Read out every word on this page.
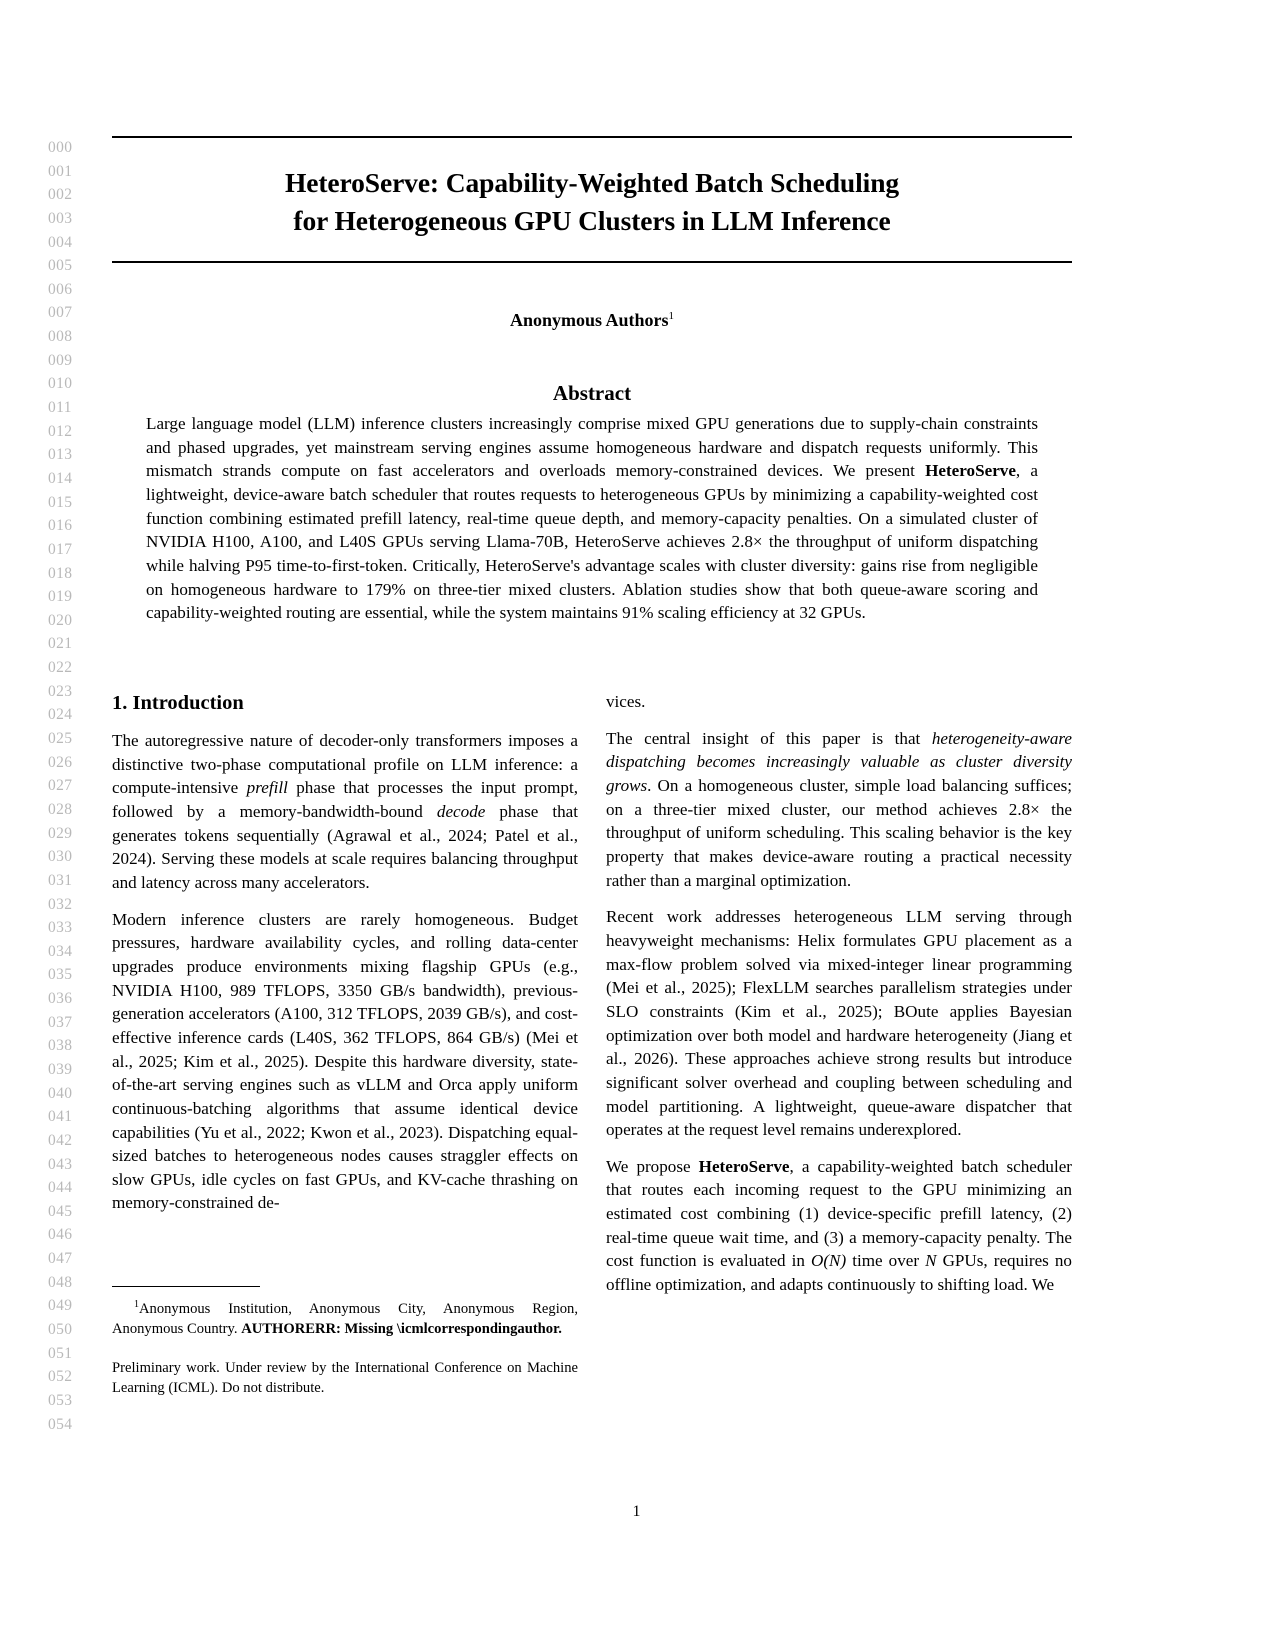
000
001
002
003
004
005
006
007
008
009
010
011
012
013
014
015
016
017
018
019
020
021
022
023
024
025
026
027
028
029
030
031
032
033
034
035
036
037
038
039
040
041
042
043
044
045
046
047
048
049
050
051
052
053
054
HeteroServe: Capability-Weighted Batch Scheduling
for Heterogeneous GPU Clusters in LLM Inference
Anonymous Authors$^1$
Abstract
Large language model (LLM) inference clusters increasingly comprise mixed GPU generations due to supply-chain constraints and phased upgrades, yet mainstream serving engines assume homogeneous hardware and dispatch requests uniformly. This mismatch strands compute on fast accelerators and overloads memory-constrained devices. We present HeteroServe, a lightweight, device-aware batch scheduler that routes requests to heterogeneous GPUs by minimizing a capability-weighted cost function combining estimated prefill latency, real-time queue depth, and memory-capacity penalties. On a simulated cluster of NVIDIA H100, A100, and L40S GPUs serving Llama-70B, HeteroServe achieves 2.8× the throughput of uniform dispatching while halving P95 time-to-first-token. Critically, HeteroServe's advantage scales with cluster diversity: gains rise from negligible on homogeneous hardware to 179% on three-tier mixed clusters. Ablation studies show that both queue-aware scoring and capability-weighted routing are essential, while the system maintains 91% scaling efficiency at 32 GPUs.
1. Introduction

The autoregressive nature of decoder-only transformers imposes a distinctive two-phase computational profile on LLM inference: a compute-intensive prefill phase that processes the input prompt, followed by a memory-bandwidth-bound decode phase that generates tokens sequentially (Agrawal et al., 2024; Patel et al., 2024). Serving these models at scale requires balancing throughput and latency across many accelerators.

Modern inference clusters are rarely homogeneous. Budget pressures, hardware availability cycles, and rolling data-center upgrades produce environments mixing flagship GPUs (e.g., NVIDIA H100, 989 TFLOPS, 3350 GB/s bandwidth), previous-generation accelerators (A100, 312 TFLOPS, 2039 GB/s), and cost-effective inference cards (L40S, 362 TFLOPS, 864 GB/s) (Mei et al., 2025; Kim et al., 2025). Despite this hardware diversity, state-of-the-art serving engines such as vLLM and Orca apply uniform continuous-batching algorithms that assume identical device capabilities (Yu et al., 2022; Kwon et al., 2023). Dispatching equal-sized batches to heterogeneous nodes causes straggler effects on slow GPUs, idle cycles on fast GPUs, and KV-cache thrashing on memory-constrained de-

vices.

The central insight of this paper is that heterogeneity-aware dispatching becomes increasingly valuable as cluster diversity grows. On a homogeneous cluster, simple load balancing suffices; on a three-tier mixed cluster, our method achieves 2.8× the throughput of uniform scheduling. This scaling behavior is the key property that makes device-aware routing a practical necessity rather than a marginal optimization.

Recent work addresses heterogeneous LLM serving through heavyweight mechanisms: Helix formulates GPU placement as a max-flow problem solved via mixed-integer linear programming (Mei et al., 2025); FlexLLM searches parallelism strategies under SLO constraints (Kim et al., 2025); BOute applies Bayesian optimization over both model and hardware heterogeneity (Jiang et al., 2026). These approaches achieve strong results but introduce significant solver overhead and coupling between scheduling and model partitioning. A lightweight, queue-aware dispatcher that operates at the request level remains underexplored.

We propose HeteroServe, a capability-weighted batch scheduler that routes each incoming request to the GPU minimizing an estimated cost combining (1) device-specific prefill latency, (2) real-time queue wait time, and (3) a memory-capacity penalty. The cost function is evaluated in O(N) time over N GPUs, requires no offline optimization, and adapts continuously to shifting load. We

$^1$Anonymous Institution, Anonymous City, Anonymous Region, Anonymous Country. AUTHORERR: Missing \icmlcorrespondingauthor.
Preliminary work. Under review by the International Conference on Machine Learning (ICML). Do not distribute.
1
